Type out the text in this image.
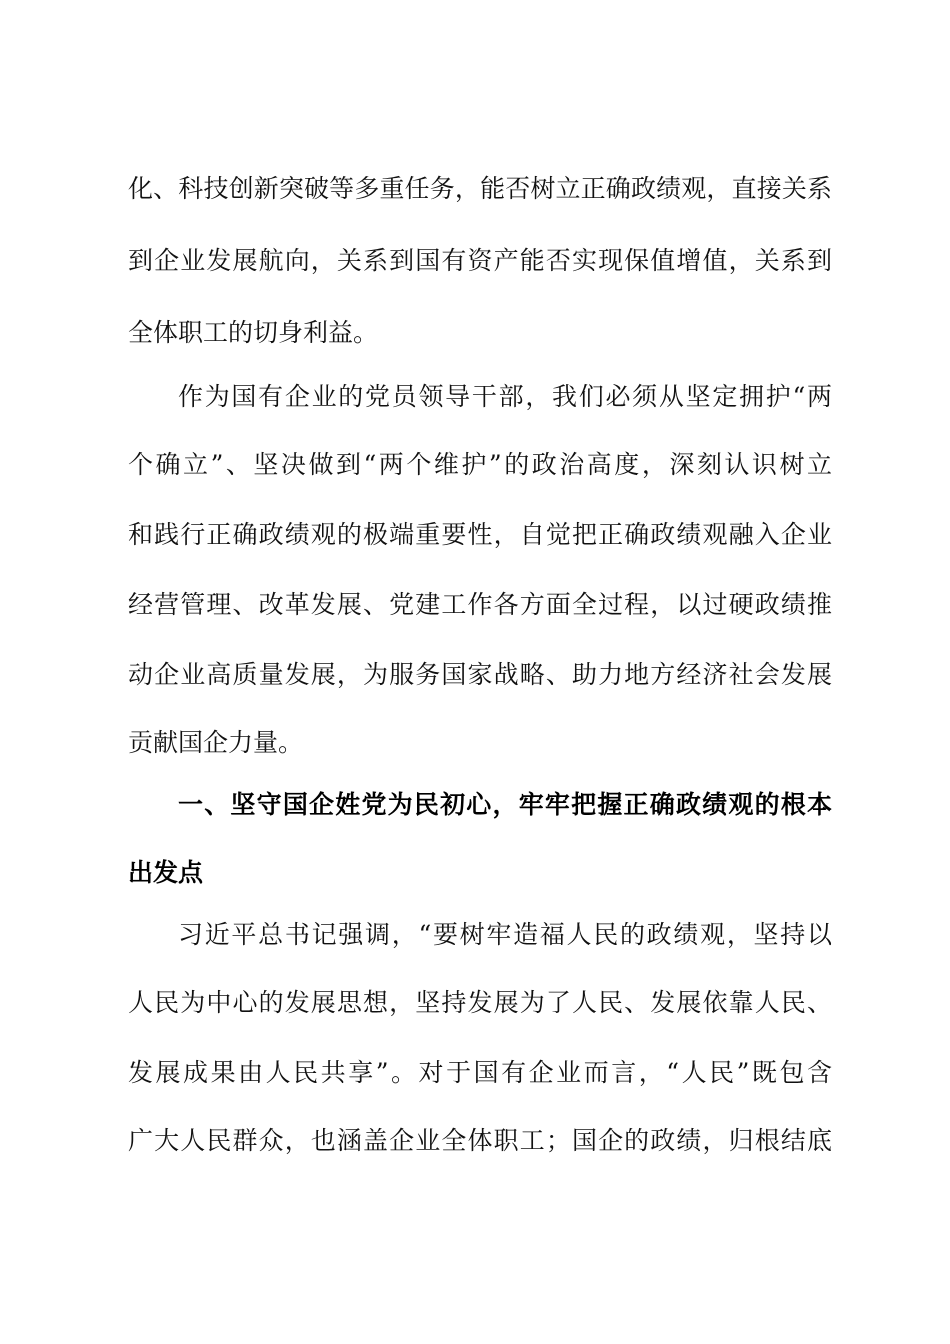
化、科技创新突破等多重任务，能否树立正确政绩观，直接关系
到企业发展航向，关系到国有资产能否实现保值增值，关系到
全体职工的切身利益。
作为国有企业的党员领导干部，我们必须从坚定拥护“两
个确立”、坚决做到“两个维护”的政治高度，深刻认识树立
和践行正确政绩观的极端重要性，自觉把正确政绩观融入企业
经营管理、改革发展、党建工作各方面全过程，以过硬政绩推
动企业高质量发展，为服务国家战略、助力地方经济社会发展
贡献国企力量。
一、坚守国企姓党为民初心，牢牢把握正确政绩观的根本
出发点
习近平总书记强调，“要树牢造福人民的政绩观，坚持以
人民为中心的发展思想，坚持发展为了人民、发展依靠人民、
发展成果由人民共享”。对于国有企业而言，“人民”既包含
广大人民群众，也涵盖企业全体职工；国企的政绩，归根结底
